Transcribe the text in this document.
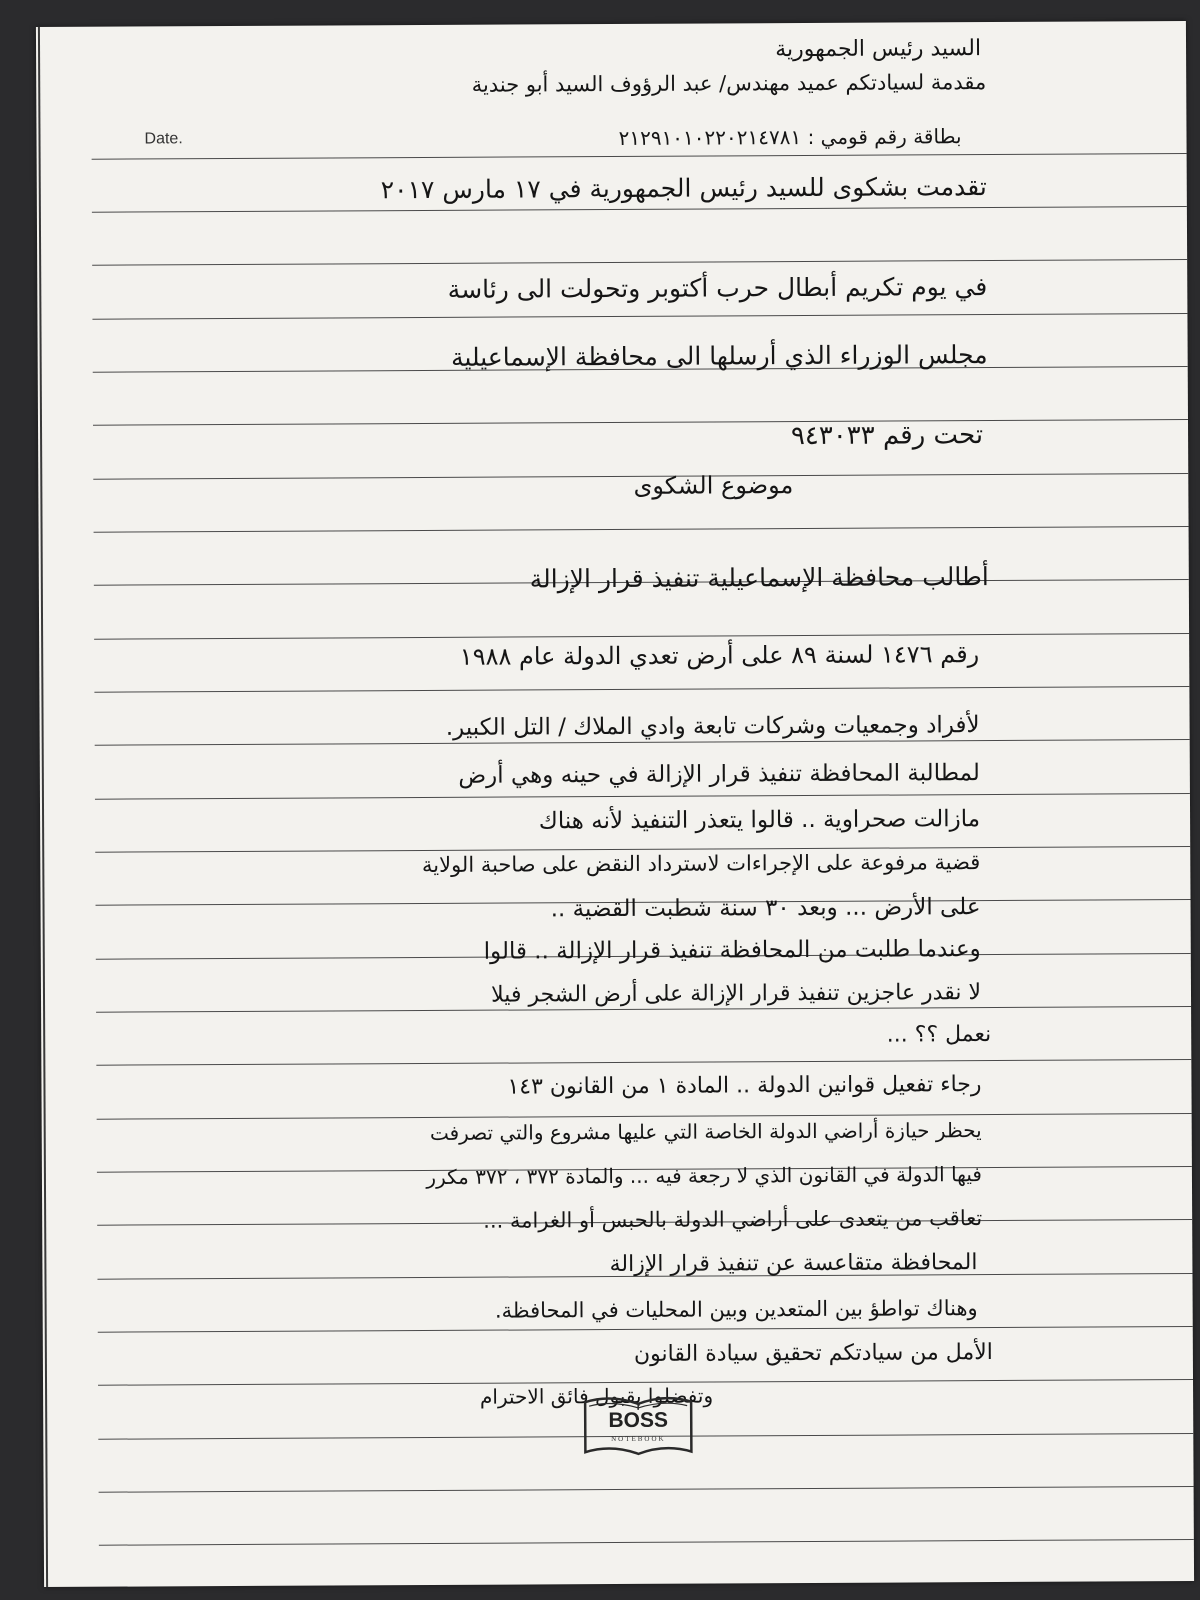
Date.
السيد رئيس الجمهورية
مقدمة لسيادتكم عميد مهندس/ عبد الرؤوف السيد أبو جندية
بطاقة رقم قومي : ٢١٢٩١٠١٠٢٢٠٢١٤٧٨١
تقدمت بشكوى للسيد رئيس الجمهورية في ١٧ مارس ٢٠١٧
في يوم تكريم أبطال حرب أكتوبر وتحولت الى رئاسة
مجلس الوزراء الذي أرسلها الى محافظة الإسماعيلية
تحت رقم ٩٤٣٠٣٣
موضوع الشكوى
أطالب محافظة الإسماعيلية تنفيذ قرار الإزالة
رقم ١٤٧٦ لسنة ٨٩ على أرض تعدي الدولة عام ١٩٨٨
لأفراد وجمعيات وشركات تابعة وادي الملاك / التل الكبير.
لمطالبة المحافظة تنفيذ قرار الإزالة في حينه وهي أرض
مازالت صحراوية .. قالوا يتعذر التنفيذ لأنه هناك
قضية مرفوعة على الإجراءات لاسترداد النقض على صاحبة الولاية
على الأرض ... وبعد ٣٠ سنة شطبت القضية ..
وعندما طلبت من المحافظة تنفيذ قرار الإزالة .. قالوا
لا نقدر عاجزين تنفيذ قرار الإزالة على أرض الشجر فيلا
نعمل ؟؟ ...
رجاء تفعيل قوانين الدولة .. المادة ١ من القانون ١٤٣
يحظر حيازة أراضي الدولة الخاصة التي عليها مشروع والتي تصرفت
فيها الدولة في القانون الذي لا رجعة فيه ... والمادة ٣٧٢ ، ٣٧٢ مكرر
تعاقب من يتعدى على أراضي الدولة بالحبس أو الغرامة ...
المحافظة متقاعسة عن تنفيذ قرار الإزالة
وهناك تواطؤ بين المتعدين وبين المحليات في المحافظة.
الأمل من سيادتكم تحقيق سيادة القانون
وتفضلوا بقبول فائق الاحترام
BOSS
NOTEBOOK
